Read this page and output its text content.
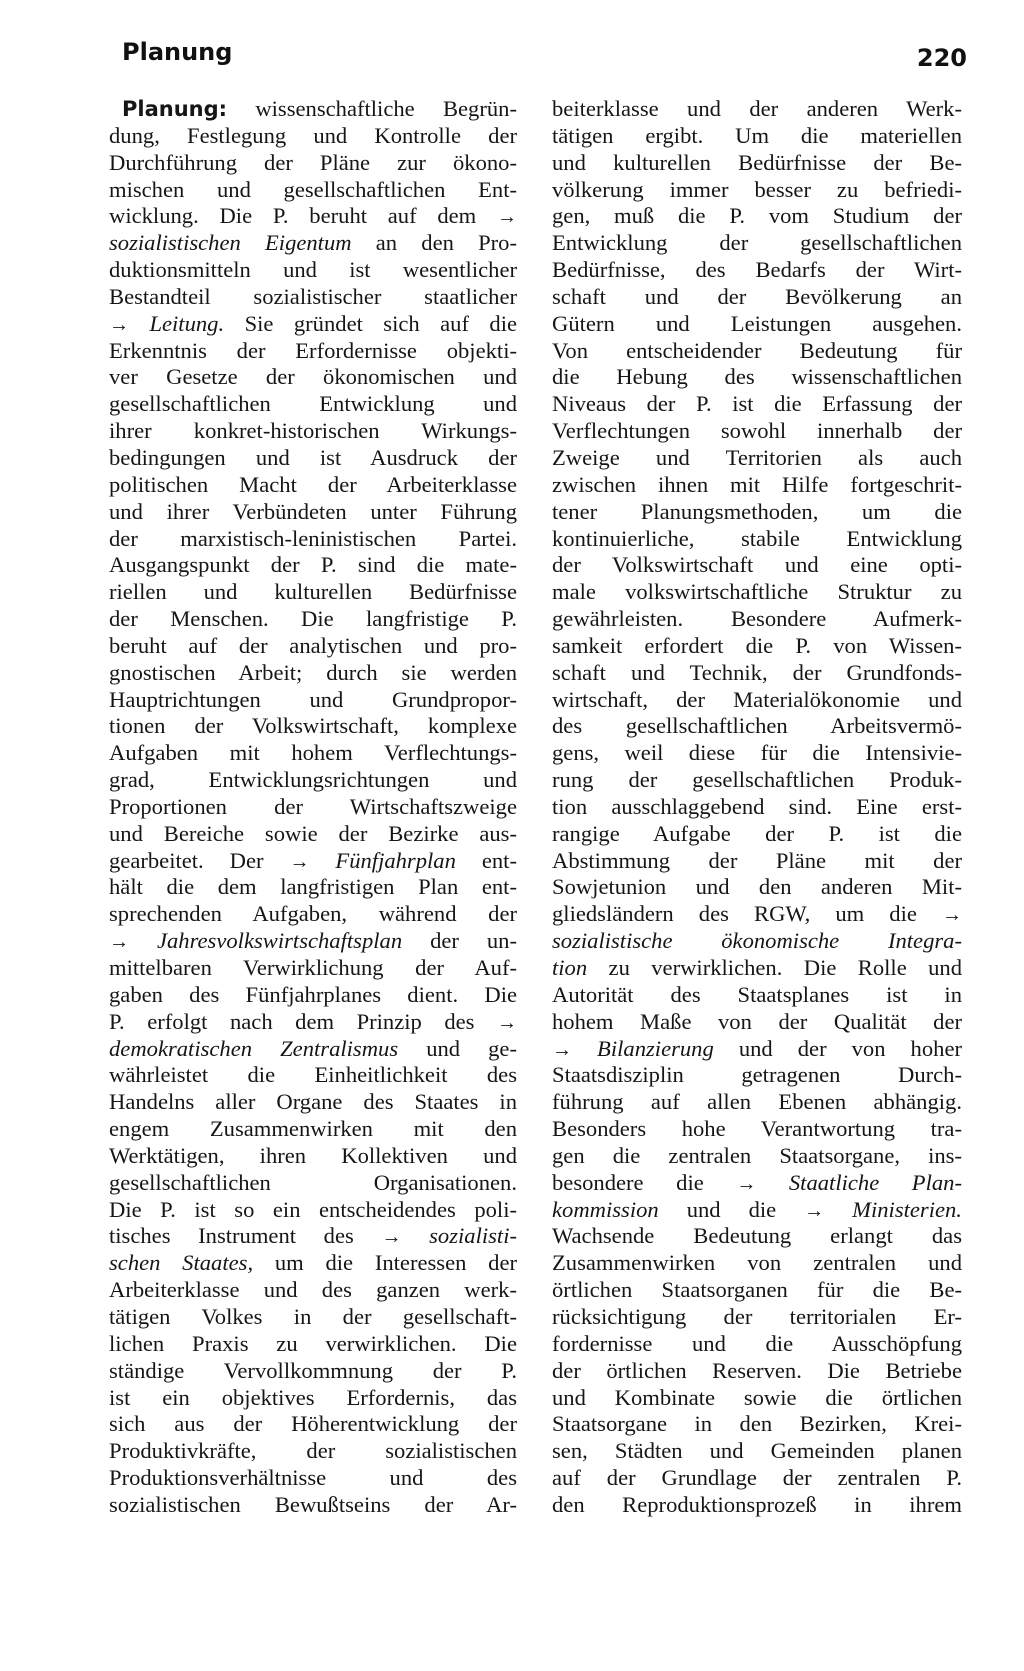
Planung	220
Planung: wissenschaftliche Begrün-
dung, Festlegung und Kontrolle der
Durchführung der Pläne zur ökono-
mischen und gesellschaftlichen Ent-
wicklung. Die P. beruht auf dem →
sozialistischen Eigentum an den Pro-
duktionsmitteln und ist wesentlicher
Bestandteil sozialistischer staatlicher
→ Leitung. Sie gründet sich auf die
Erkenntnis der Erfordernisse objekti-
ver Gesetze der ökonomischen und
gesellschaftlichen Entwicklung und
ihrer konkret-historischen Wirkungs-
bedingungen und ist Ausdruck der
politischen Macht der Arbeiterklasse
und ihrer Verbündeten unter Führung
der marxistisch-leninistischen Partei.
Ausgangspunkt der P. sind die mate-
riellen und kulturellen Bedürfnisse
der Menschen. Die langfristige P.
beruht auf der analytischen und pro-
gnostischen Arbeit; durch sie werden
Hauptrichtungen und Grundpropor-
tionen der Volkswirtschaft, komplexe
Aufgaben mit hohem Verflechtungs-
grad, Entwicklungsrichtungen und
Proportionen der Wirtschaftszweige
und Bereiche sowie der Bezirke aus-
gearbeitet. Der → Fünfjahrplan ent-
hält die dem langfristigen Plan ent-
sprechenden Aufgaben, während der
→ Jahresvolkswirtschaftsplan der un-
mittelbaren Verwirklichung der Auf-
gaben des Fünfjahrplanes dient. Die
P. erfolgt nach dem Prinzip des →
demokratischen Zentralismus und ge-
währleistet die Einheitlichkeit des
Handelns aller Organe des Staates in
engem Zusammenwirken mit den
Werktätigen, ihren Kollektiven und
gesellschaftlichen Organisationen.
Die P. ist so ein entscheidendes poli-
tisches Instrument des → sozialisti-
schen Staates, um die Interessen der
Arbeiterklasse und des ganzen werk-
tätigen Volkes in der gesellschaft-
lichen Praxis zu verwirklichen. Die
ständige Vervollkommnung der P.
ist ein objektives Erfordernis, das
sich aus der Höherentwicklung der
Produktivkräfte, der sozialistischen
Produktionsverhältnisse und des
sozialistischen Bewußtseins der Ar-
beiterklasse und der anderen Werk-
tätigen ergibt. Um die materiellen
und kulturellen Bedürfnisse der Be-
völkerung immer besser zu befriedi-
gen, muß die P. vom Studium der
Entwicklung der gesellschaftlichen
Bedürfnisse, des Bedarfs der Wirt-
schaft und der Bevölkerung an
Gütern und Leistungen ausgehen.
Von entscheidender Bedeutung für
die Hebung des wissenschaftlichen
Niveaus der P. ist die Erfassung der
Verflechtungen sowohl innerhalb der
Zweige und Territorien als auch
zwischen ihnen mit Hilfe fortgeschrit-
tener Planungsmethoden, um die
kontinuierliche, stabile Entwicklung
der Volkswirtschaft und eine opti-
male volkswirtschaftliche Struktur zu
gewährleisten. Besondere Aufmerk-
samkeit erfordert die P. von Wissen-
schaft und Technik, der Grundfonds-
wirtschaft, der Materialökonomie und
des gesellschaftlichen Arbeitsvermö-
gens, weil diese für die Intensivie-
rung der gesellschaftlichen Produk-
tion ausschlaggebend sind. Eine erst-
rangige Aufgabe der P. ist die
Abstimmung der Pläne mit der
Sowjetunion und den anderen Mit-
gliedsländern des RGW, um die →
sozialistische ökonomische Integra-
tion zu verwirklichen. Die Rolle und
Autorität des Staatsplanes ist in
hohem Maße von der Qualität der
→ Bilanzierung und der von hoher
Staatsdisziplin getragenen Durch-
führung auf allen Ebenen abhängig.
Besonders hohe Verantwortung tra-
gen die zentralen Staatsorgane, ins-
besondere die → Staatliche Plan-
kommission und die → Ministerien.
Wachsende Bedeutung erlangt das
Zusammenwirken von zentralen und
örtlichen Staatsorganen für die Be-
rücksichtigung der territorialen Er-
fordernisse und die Ausschöpfung
der örtlichen Reserven. Die Betriebe
und Kombinate sowie die örtlichen
Staatsorgane in den Bezirken, Krei-
sen, Städten und Gemeinden planen
auf der Grundlage der zentralen P.
den Reproduktionsprozeß in ihrem
